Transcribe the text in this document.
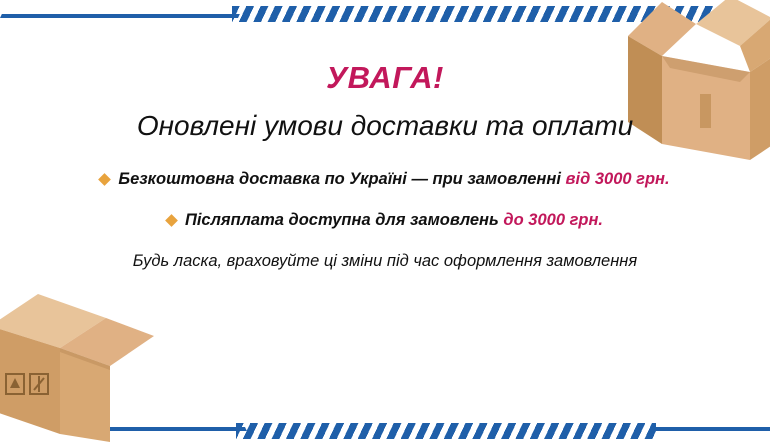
УВАГА!
Оновлені умови доставки та оплати
Безкоштовна доставка по Україні — при замовленні від 3000 грн.
Післяплата доступна для замовлень до 3000 грн.
Будь ласка, враховуйте ці зміни під час оформлення замовлення
